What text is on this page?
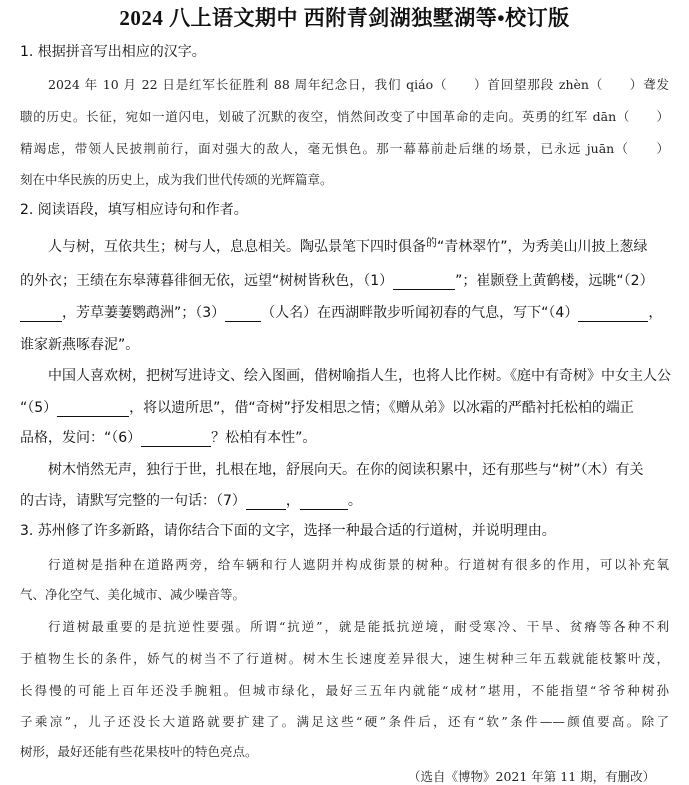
2024 八上语文期中 西附青剑湖独墅湖等•校订版
1. 根据拼音写出相应的汉字。
2024 年 10 月 22 日是红军长征胜利 88 周年纪念日，我们 qiáo（　　）首回望那段 zhèn（　　）聋发
聩的历史。长征，宛如一道闪电，划破了沉默的夜空，悄然间改变了中国革命的走向。英勇的红军 dān（　　）
精竭虑，带领人民披荆前行，面对强大的敌人，毫无惧色。那一幕幕前赴后继的场景，已永远 juān（　　）
刻在中华民族的历史上，成为我们世代传颂的光辉篇章。
2. 阅读语段，填写相应诗句和作者。
人与树，互依共生；树与人，息息相关。陶弘景笔下四时俱备$^的$“青林翠竹”，为秀美山川披上葱绿
的外衣；王绩在东皋薄暮徘徊无依，远望“树树皆秋色，（1）	”；崔颢登上黄鹤楼，远眺“（2）
，芳草萋萋鹦鹉洲”；（3）	（人名）在西湖畔散步听闻初春的气息，写下“（4）	，
谁家新燕啄春泥”。
中国人喜欢树，把树写进诗文、绘入图画，借树喻指人生，也将人比作树。《庭中有奇树》中女主人公
“（5）	，将以遗所思”，借“奇树”抒发相思之情；《赠从弟》以冰霜的严酷衬托松柏的端正
品格，发问：“（6）	？松柏有本性”。
树木悄然无声，独行于世，扎根在地，舒展向天。在你的阅读积累中，还有那些与“树”（木）有关
的古诗，请默写完整的一句话：（7）	，	。
3. 苏州修了许多新路，请你结合下面的文字，选择一种最合适的行道树，并说明理由。
行道树是指种在道路两旁，给车辆和行人遮阴并构成街景的树种。行道树有很多的作用，可以补充氧
气、净化空气、美化城市、减少噪音等。
行道树最重要的是抗逆性要强。所谓“抗逆”，就是能抵抗逆境，耐受寒冷、干旱、贫瘠等各种不利
于植物生长的条件，娇气的树当不了行道树。树木生长速度差异很大，速生树种三年五载就能枝繁叶茂，
长得慢的可能上百年还没手腕粗。但城市绿化，最好三五年内就能“成材”堪用，不能指望“爷爷种树孙
子乘凉”，儿子还没长大道路就要扩建了。满足这些“硬”条件后，还有“软”条件——颜值要高。除了
树形，最好还能有些花果枝叶的特色亮点。
（选自《博物》2021 年第 11 期，有删改）
